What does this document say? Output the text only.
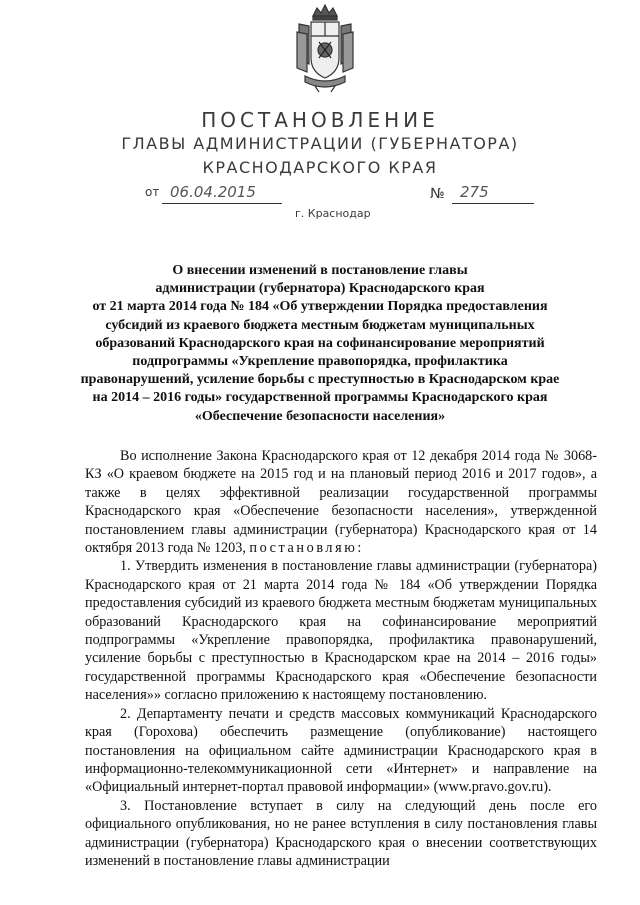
ПОСТАНОВЛЕНИЕ
ГЛАВЫ АДМИНИСТРАЦИИ (ГУБЕРНАТОРА)
КРАСНОДАРСКОГО КРАЯ
от 06.04.2015	№ 275
г. Краснодар
О внесении изменений в постановление главы
администрации (губернатора) Краснодарского края
от 21 марта 2014 года № 184 «Об утверждении Порядка предоставления
субсидий из краевого бюджета местным бюджетам муниципальных
образований Краснодарского края на софинансирование мероприятий
подпрограммы «Укрепление правопорядка, профилактика
правонарушений, усиление борьбы с преступностью в Краснодарском крае
на 2014 – 2016 годы» государственной программы Краснодарского края
«Обеспечение безопасности населения»

Во исполнение Закона Краснодарского края от 12 декабря 2014 года № 3068-КЗ «О краевом бюджете на 2015 год и на плановый период 2016 и 2017 годов», а также в целях эффективной реализации государственной программы Краснодарского края «Обеспечение безопасности населения», утвержденной постановлением главы администрации (губернатора) Краснодарского края от 14 октября 2013 года № 1203, постановляю:

1. Утвердить изменения в постановление главы администрации (губернатора) Краснодарского края от 21 марта 2014 года № 184 «Об утверждении Порядка предоставления субсидий из краевого бюджета местным бюджетам муниципальных образований Краснодарского края на софинансирование мероприятий подпрограммы «Укрепление правопорядка, профилактика правонарушений, усиление борьбы с преступностью в Краснодарском крае на 2014 – 2016 годы» государственной программы Краснодарского края «Обеспечение безопасности населения»» согласно приложению к настоящему постановлению.

2. Департаменту печати и средств массовых коммуникаций Краснодарского края (Горохова) обеспечить размещение (опубликование) настоящего постановления на официальном сайте администрации Краснодарского края в информационно-телекоммуникационной сети «Интернет» и направление на «Официальный интернет-портал правовой информации» (www.pravo.gov.ru).

3. Постановление вступает в силу на следующий день после его официального опубликования, но не ранее вступления в силу постановления главы администрации (губернатора) Краснодарского края о внесении соответствующих изменений в постановление главы администрации
